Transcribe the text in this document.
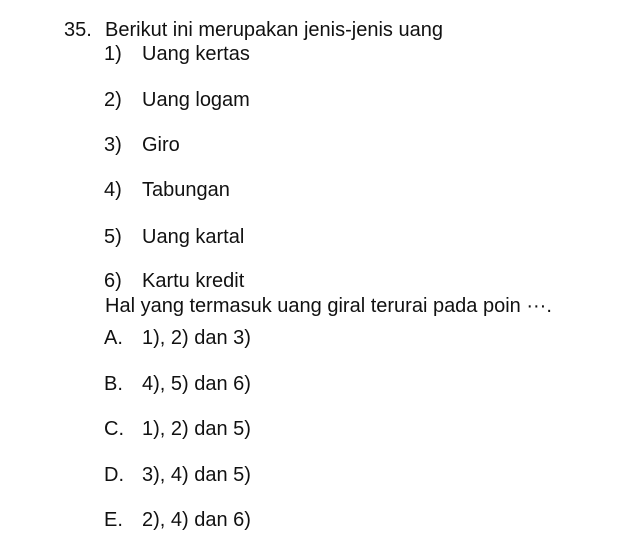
35. Berikut ini merupakan jenis-jenis uang
1)	Uang kertas
2)	Uang logam
3)	Giro
4)	Tabungan
5)	Uang kartal
6)	Kartu kredit
Hal yang termasuk uang giral terurai pada poin ···.
A. 1), 2) dan 3)
B. 4), 5) dan 6)
C. 1), 2) dan 5)
D. 3), 4) dan 5)
E. 2), 4) dan 6)
